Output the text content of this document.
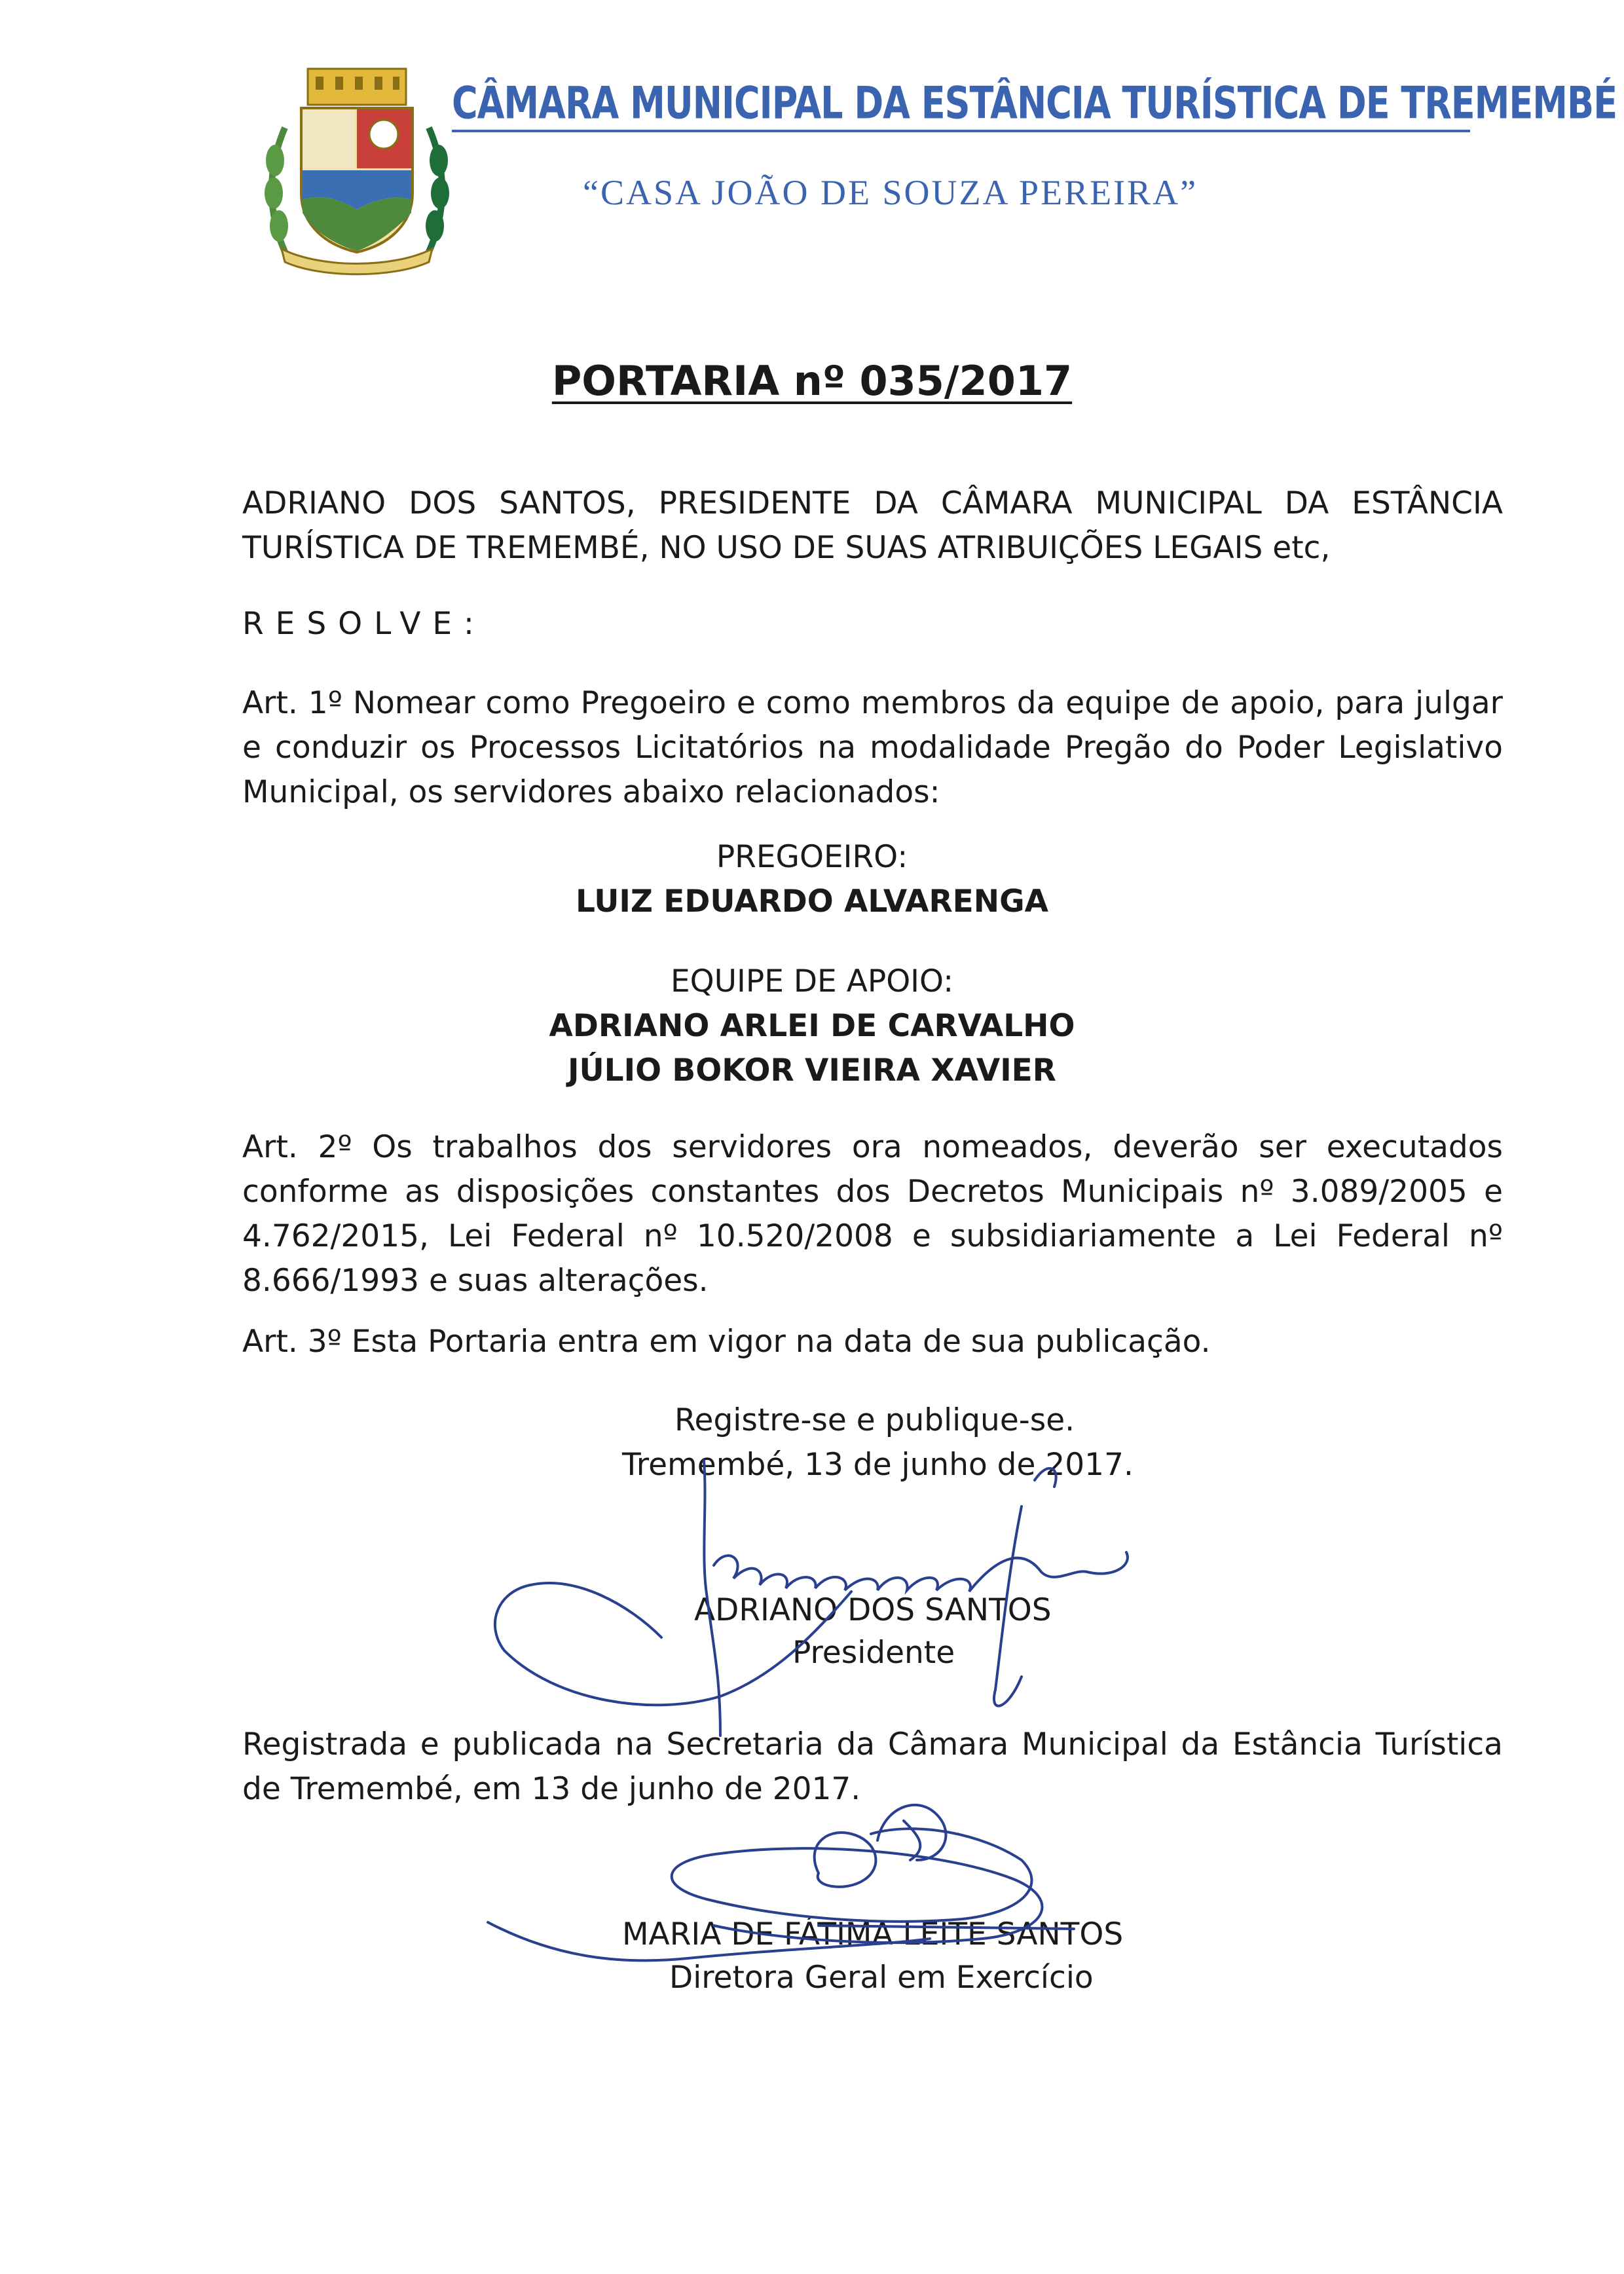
CÂMARA MUNICIPAL DA ESTÂNCIA TURÍSTICA DE TREMEMBÉ
“CASA JOÃO DE SOUZA PEREIRA”
PORTARIA nº 035/2017
ADRIANO DOS SANTOS, PRESIDENTE DA CÂMARA MUNICIPAL DA ESTÂNCIA TURÍSTICA DE TREMEMBÉ, NO USO DE SUAS ATRIBUIÇÕES LEGAIS etc,
RESOLVE:
Art. 1º Nomear como Pregoeiro e como membros da equipe de apoio, para julgar e conduzir os Processos Licitatórios na modalidade Pregão do Poder Legislativo Municipal, os servidores abaixo relacionados:
PREGOEIRO:
LUIZ EDUARDO ALVARENGA
EQUIPE DE APOIO:
ADRIANO ARLEI DE CARVALHO
JÚLIO BOKOR VIEIRA XAVIER
Art. 2º Os trabalhos dos servidores ora nomeados, deverão ser executados conforme as disposições constantes dos Decretos Municipais nº 3.089/2005 e 4.762/2015, Lei Federal nº 10.520/2008 e subsidiariamente a Lei Federal nº 8.666/1993 e suas alterações.
Art. 3º Esta Portaria entra em vigor na data de sua publicação.
Registre-se e publique-se.
Tremembé, 13 de junho de 2017.
ADRIANO DOS SANTOS
Presidente
Registrada e publicada na Secretaria da Câmara Municipal da Estância Turística de Tremembé, em 13 de junho de 2017.
MARIA DE FÁTIMA LEITE SANTOS
Diretora Geral em Exercício
